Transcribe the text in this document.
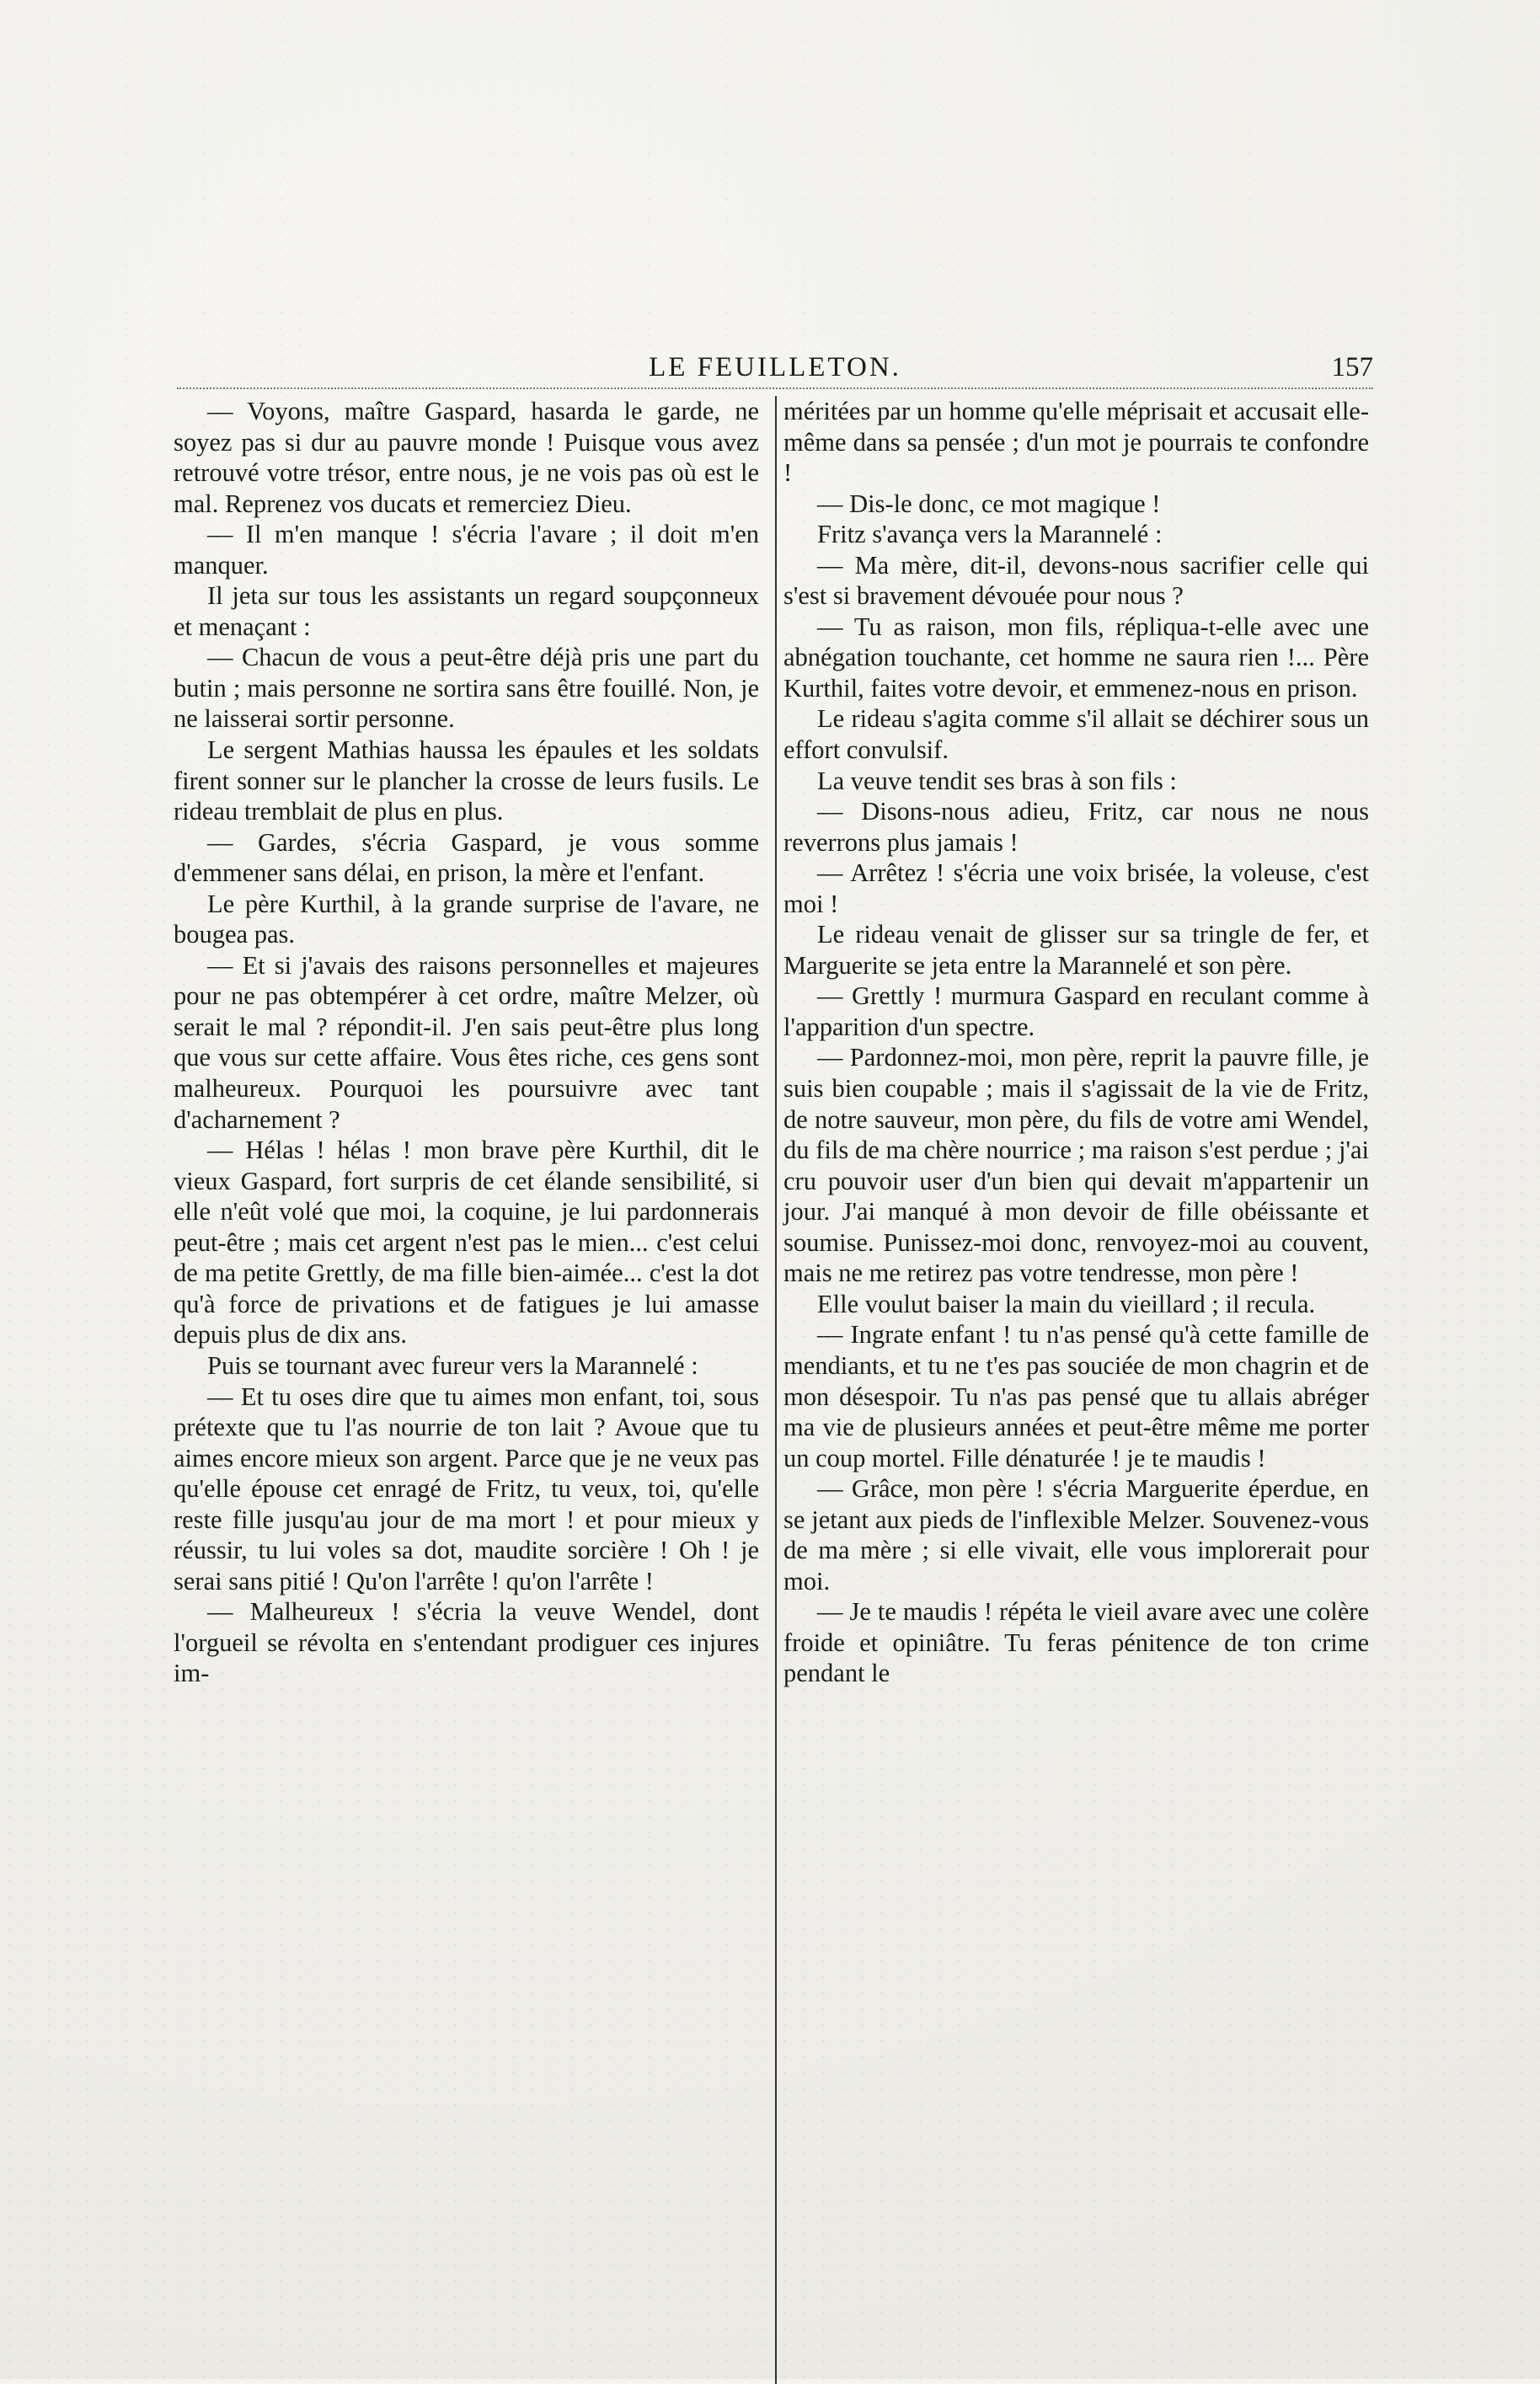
LE FEUILLETON.	157

— Voyons, maître Gaspard, hasarda le garde, ne soyez pas si dur au pauvre monde ! Puisque vous avez retrouvé votre trésor, entre nous, je ne vois pas où est le mal. Reprenez vos ducats et remerciez Dieu.

— Il m'en manque ! s'écria l'avare ; il doit m'en manquer.

Il jeta sur tous les assistants un regard soupçonneux et menaçant :

— Chacun de vous a peut-être déjà pris une part du butin ; mais personne ne sortira sans être fouillé. Non, je ne laisserai sortir personne.

Le sergent Mathias haussa les épaules et les soldats firent sonner sur le plancher la crosse de leurs fusils. Le rideau tremblait de plus en plus.

— Gardes, s'écria Gaspard, je vous somme d'emmener sans délai, en prison, la mère et l'enfant.

Le père Kurthil, à la grande surprise de l'avare, ne bougea pas.

— Et si j'avais des raisons personnelles et majeures pour ne pas obtempérer à cet ordre, maître Melzer, où serait le mal ? répondit-il. J'en sais peut-être plus long que vous sur cette affaire. Vous êtes riche, ces gens sont malheureux. Pourquoi les poursuivre avec tant d'acharnement ?

— Hélas ! hélas ! mon brave père Kurthil, dit le vieux Gaspard, fort surpris de cet élande sensibilité, si elle n'eût volé que moi, la coquine, je lui pardonnerais peut-être ; mais cet argent n'est pas le mien... c'est celui de ma petite Grettly, de ma fille bien-aimée... c'est la dot qu'à force de privations et de fatigues je lui amasse depuis plus de dix ans.

Puis se tournant avec fureur vers la Marannelé :

— Et tu oses dire que tu aimes mon enfant, toi, sous prétexte que tu l'as nourrie de ton lait ? Avoue que tu aimes encore mieux son argent. Parce que je ne veux pas qu'elle épouse cet enragé de Fritz, tu veux, toi, qu'elle reste fille jusqu'au jour de ma mort ! et pour mieux y réussir, tu lui voles sa dot, maudite sorcière ! Oh ! je serai sans pitié ! Qu'on l'arrête ! qu'on l'arrête !

— Malheureux ! s'écria la veuve Wendel, dont l'orgueil se révolta en s'entendant prodiguer ces injures im-

méritées par un homme qu'elle méprisait et accusait elle-même dans sa pensée ; d'un mot je pourrais te confondre !

— Dis-le donc, ce mot magique !

Fritz s'avança vers la Marannelé :

— Ma mère, dit-il, devons-nous sacrifier celle qui s'est si bravement dévouée pour nous ?

— Tu as raison, mon fils, répliqua-t-elle avec une abnégation touchante, cet homme ne saura rien !... Père Kurthil, faites votre devoir, et emmenez-nous en prison.

Le rideau s'agita comme s'il allait se déchirer sous un effort convulsif.

La veuve tendit ses bras à son fils :

— Disons-nous adieu, Fritz, car nous ne nous reverrons plus jamais !

— Arrêtez ! s'écria une voix brisée, la voleuse, c'est moi !

Le rideau venait de glisser sur sa tringle de fer, et Marguerite se jeta entre la Marannelé et son père.

— Grettly ! murmura Gaspard en reculant comme à l'apparition d'un spectre.

— Pardonnez-moi, mon père, reprit la pauvre fille, je suis bien coupable ; mais il s'agissait de la vie de Fritz, de notre sauveur, mon père, du fils de votre ami Wendel, du fils de ma chère nourrice ; ma raison s'est perdue ; j'ai cru pouvoir user d'un bien qui devait m'appartenir un jour. J'ai manqué à mon devoir de fille obéissante et soumise. Punissez-moi donc, renvoyez-moi au couvent, mais ne me retirez pas votre tendresse, mon père !

Elle voulut baiser la main du vieillard ; il recula.

— Ingrate enfant ! tu n'as pensé qu'à cette famille de mendiants, et tu ne t'es pas souciée de mon chagrin et de mon désespoir. Tu n'as pas pensé que tu allais abréger ma vie de plusieurs années et peut-être même me porter un coup mortel. Fille dénaturée ! je te maudis !

— Grâce, mon père ! s'écria Marguerite éperdue, en se jetant aux pieds de l'inflexible Melzer. Souvenez-vous de ma mère ; si elle vivait, elle vous implorerait pour moi.

— Je te maudis ! répéta le vieil avare avec une colère froide et opiniâtre. Tu feras pénitence de ton crime pendant le
